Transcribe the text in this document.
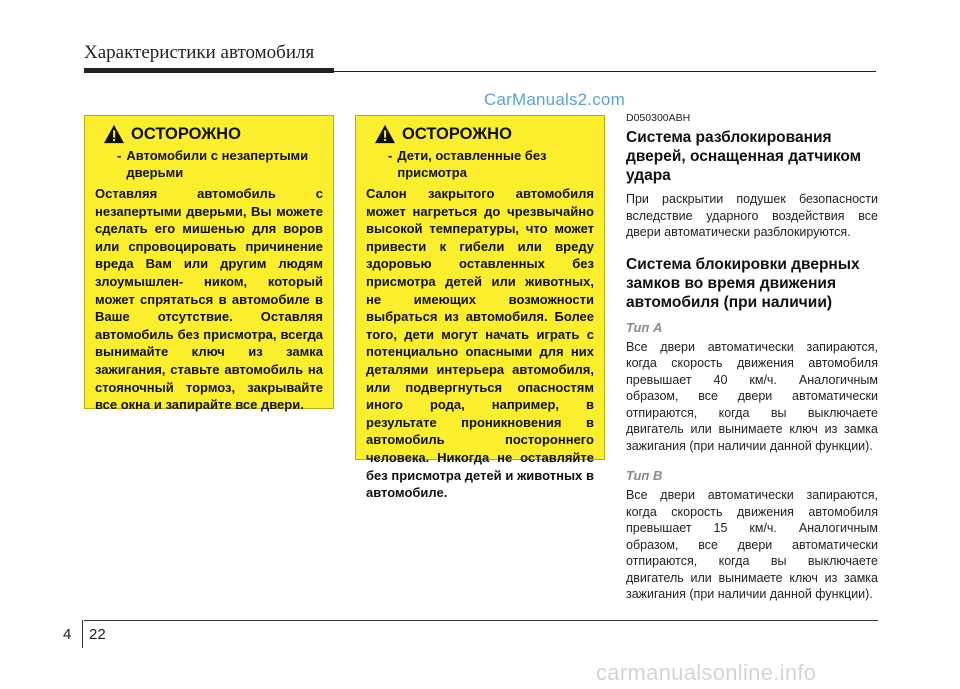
Характеристики автомобиля
CarManuals2.com
ОСТОРОЖНО
- Автомобили с незапертыми дверьми

Оставляя автомобиль с незапертыми дверьми, Вы можете сделать его мишенью для воров или спровоцировать причинение вреда Вам или другим людям злоумышлен- ником, который может спрятаться в автомобиле в Ваше отсутствие. Оставляя автомобиль без присмотра, всегда вынимайте ключ из замка зажигания, ставьте автомобиль на стояночный тормоз, закрывайте все окна и запирайте все двери.

ОСТОРОЖНО
- Дети, оставленные без присмотра

Салон закрытого автомобиля может нагреться до чрезвычайно высокой температуры, что может привести к гибели или вреду здоровью оставленных без присмотра детей или животных, не имеющих возможности выбраться из автомобиля. Более того, дети могут начать играть с потенциально опасными для них деталями интерьера автомобиля, или подвергнуться опасностям иного рода, например, в результате проникновения в автомобиль постороннего человека. Никогда не оставляйте без присмотра детей и животных в автомобиле.

D050300ABH
Система разблокирования дверей, оснащенная датчиком удара

При раскрытии подушек безопасности вследствие ударного воздействия все двери автоматически разблокируются.

Система блокировки дверных замков во время движения автомобиля (при наличии)
Тип А

Все двери автоматически запираются, когда скорость движения автомобиля превышает 40 км/ч. Аналогичным образом, все двери автоматически отпираются, когда вы выключаете двигатель или вынимаете ключ из замка зажигания (при наличии данной функции).

Тип В

Все двери автоматически запираются, когда скорость движения автомобиля превышает 15 км/ч. Аналогичным образом, все двери автоматически отпираются, когда вы выключаете двигатель или вынимаете ключ из замка зажигания (при наличии данной функции).

4 22
carmanualsonline.info
